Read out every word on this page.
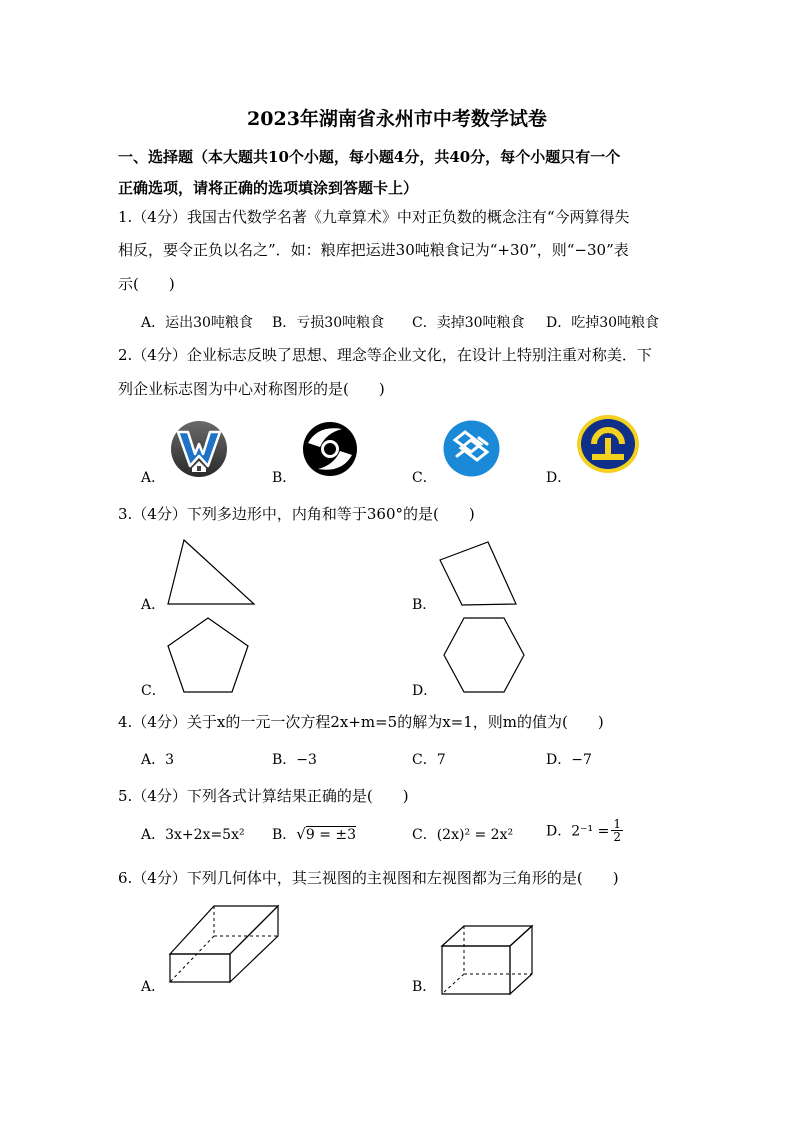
2023年湖南省永州市中考数学试卷
一、选择题（本大题共10个小题，每小题4分，共40分，每个小题只有一个
正确选项，请将正确的选项填涂到答题卡上）
1.（4分）我国古代数学名著《九章算术》中对正负数的概念注有“今两算得失
相反，要令正负以名之”．如：粮库把运进30吨粮食记为“+30”，则“−30”表
示(　　)
A．运出30吨粮食 B．亏损30吨粮食 C．卖掉30吨粮食 D．吃掉30吨粮食
2.（4分）企业标志反映了思想、理念等企业文化，在设计上特别注重对称美．下
列企业标志图为中心对称图形的是(　　)
A．	B．	C．	D．
3.（4分）下列多边形中，内角和等于360°的是(　　)
A．	B．
C．	D．
4.（4分）关于x的一元一次方程2x+m=5的解为x=1，则m的值为(　　)
A．3	B．−3	C．7	D．−7
5.（4分）下列各式计算结果正确的是(　　)
A．3x+2x=5x² B．√9 = ±3	C．(2x)² = 2x² D．$2^{-1} = \frac{1}{2}$
6.（4分）下列几何体中，其三视图的主视图和左视图都为三角形的是(　　)
A．	B．
